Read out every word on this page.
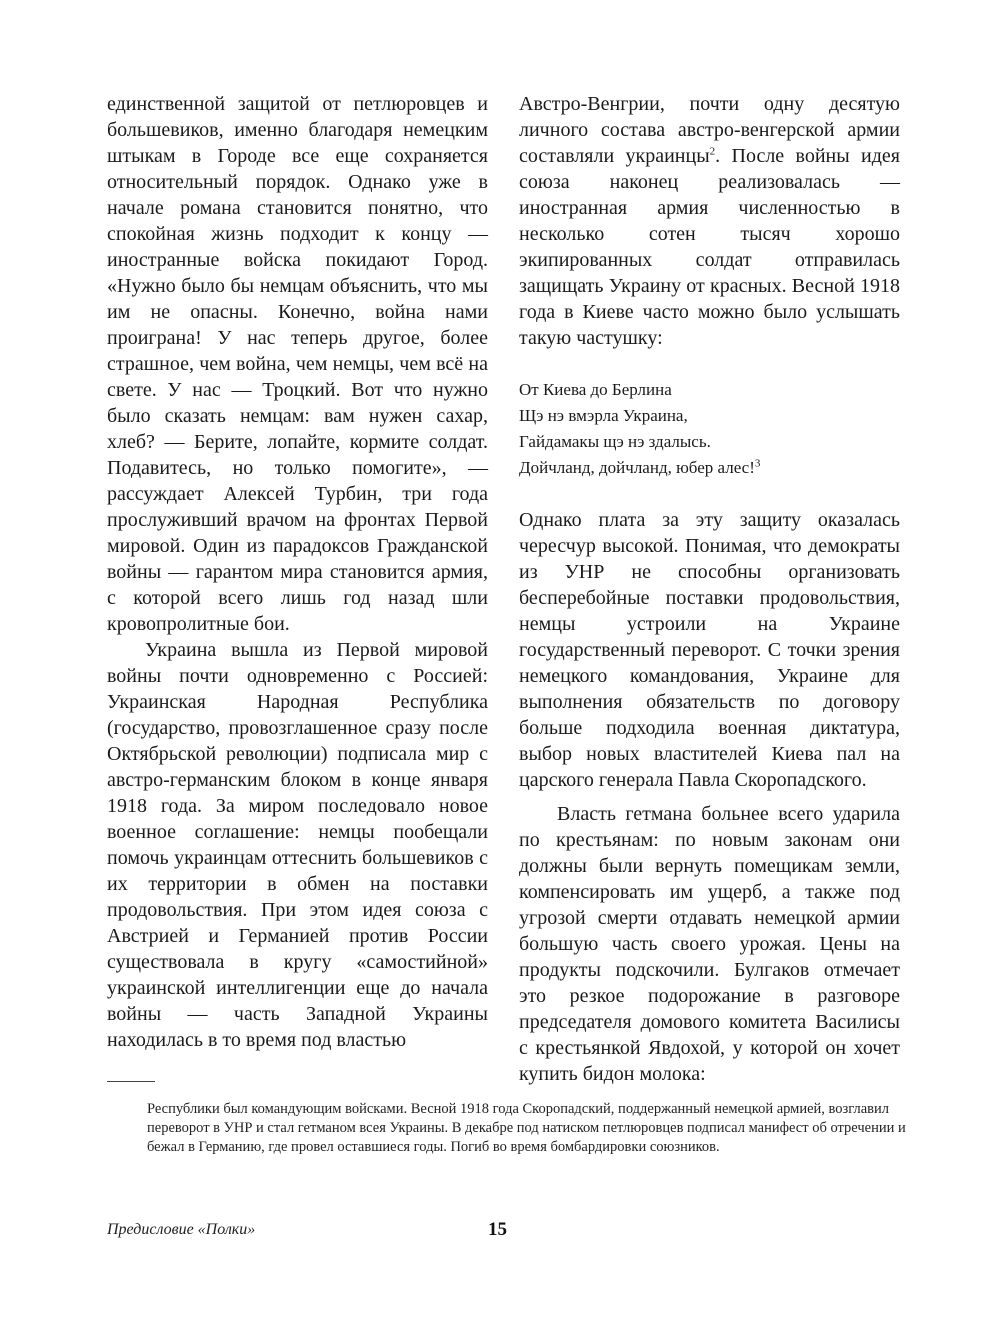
единственной защитой от петлюровцев и большевиков, именно благодаря немецким штыкам в Городе все еще сохраняется относительный порядок. Однако уже в начале романа становится понятно, что спокойная жизнь подходит к концу — иностранные войска покидают Город. «Нужно было бы немцам объяснить, что мы им не опасны. Конечно, война нами проиграна! У нас теперь другое, более страшное, чем война, чем немцы, чем всё на свете. У нас — Троцкий. Вот что нужно было сказать немцам: вам нужен сахар, хлеб? — Берите, лопайте, кормите солдат. Подавитесь, но только помогите», — рассуждает Алексей Турбин, три года прослуживший врачом на фронтах Первой мировой. Один из парадоксов Гражданской войны — гарантом мира становится армия, с которой всего лишь год назад шли кровопролитные бои.

Украина вышла из Первой мировой войны почти одновременно с Россией: Украинская Народная Республика (государство, провозглашенное сразу после Октябрьской революции) подписала мир с австро-германским блоком в конце января 1918 года. За миром последовало новое военное соглашение: немцы пообещали помочь украинцам оттеснить большевиков с их территории в обмен на поставки продовольствия. При этом идея союза с Австрией и Германией против России существовала в кругу «самостийной» украинской интеллигенции еще до начала войны — часть Западной Украины находилась в то время под властью

Австро-Венгрии, почти одну десятую личного состава австро-венгерской армии составляли украинцы$^2$. После войны идея союза наконец реализовалась — иностранная армия численностью в несколько сотен тысяч хорошо экипированных солдат отправилась защищать Украину от красных. Весной 1918 года в Киеве часто можно было услышать такую частушку:

От Киева до Берлина
Щэ нэ вмэрла Украина,
Гайдамакы щэ нэ здалысь.
Дойчланд, дойчланд, юбер алес!$^3$

Однако плата за эту защиту оказалась чересчур высокой. Понимая, что демократы из УНР не способны организовать бесперебойные поставки продовольствия, немцы устроили на Украине государственный переворот. С точки зрения немецкого командования, Украине для выполнения обязательств по договору больше подходила военная диктатура, выбор новых властителей Киева пал на царского генерала Павла Скоропадского.

Власть гетмана больнее всего ударила по крестьянам: по новым законам они должны были вернуть помещикам земли, компенсировать им ущерб, а также под угрозой смерти отдавать немецкой армии большую часть своего урожая. Цены на продукты подскочили. Булгаков отмечает это резкое подорожание в разговоре председателя домового комитета Василисы с крестьянкой Явдохой, у которой он хочет купить бидон молока:

Республики был командующим войсками. Весной 1918 года Скоропадский, поддержанный немецкой армией, возглавил переворот в УНР и стал гетманом всея Украины. В декабре под натиском петлюровцев подписал манифест об отречении и бежал в Германию, где провел оставшиеся годы. Погиб во время бомбардировки союзников.
Предисловие «Полки»	15
